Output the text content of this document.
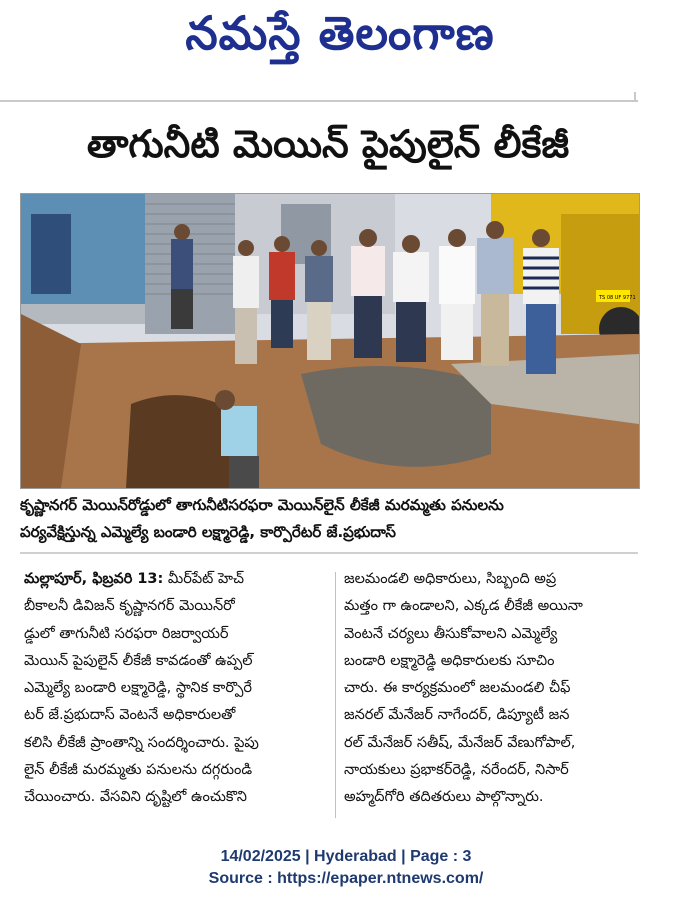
నమస్తే తెలంగాణ
తాగునీటి మెయిన్ పైపులైన్ లీకేజీ
TS 08 UF 9771
కృష్ణానగర్ మెయిన్‌రోడ్డులో తాగునీటిసరఫరా మెయిన్‌లైన్ లీకేజీ మరమ్మతు పనులను
పర్యవేక్షిస్తున్న ఎమ్మెల్యే బండారి లక్ష్మారెడ్డి, కార్పొరేటర్ జే.ప్రభుదాస్
మల్లాపూర్, ఫిబ్రవరి 13: మీర్‌పేట్ హెచ్
బీకాలనీ డివిజన్ కృష్ణానగర్ మెయిన్‌రో
డ్డులో తాగునీటి సరఫరా రిజర్వాయర్
మెయిన్ పైపులైన్ లీకేజీ కావడంతో ఉప్పల్
ఎమ్మెల్యే బండారి లక్ష్మారెడ్డి, స్థానిక కార్పొరే
టర్ జే.ప్రభుదాస్ వెంటనే అధికారులతో
కలిసి లీకేజీ ప్రాంతాన్ని సందర్శించారు. పైపు
లైన్ లీకేజీ మరమ్మతు పనులను దగ్గరుండి
చేయించారు. వేసవిని దృష్టిలో ఉంచుకొని
జలమండలి అధికారులు, సిబ్బంది అప్ర
మత్తం గా ఉండాలని, ఎక్కడ లీకేజీ అయినా
వెంటనే చర్యలు తీసుకోవాలని ఎమ్మెల్యే
బండారి లక్ష్మారెడ్డి అధికారులకు సూచిం
చారు. ఈ కార్యక్రమంలో జలమండలి చీఫ్
జనరల్ మేనేజర్ నాగేందర్, డిప్యూటీ జన
రల్ మేనేజర్ సతీష్, మేనేజర్ వేణుగోపాల్,
నాయకులు ప్రభాకర్‌రెడ్డి, నరేందర్, నిసార్
అహ్మద్‌గోరి తదితరులు పాల్గొన్నారు.
14/02/2025 | Hyderabad | Page : 3
Source : https://epaper.ntnews.com/
